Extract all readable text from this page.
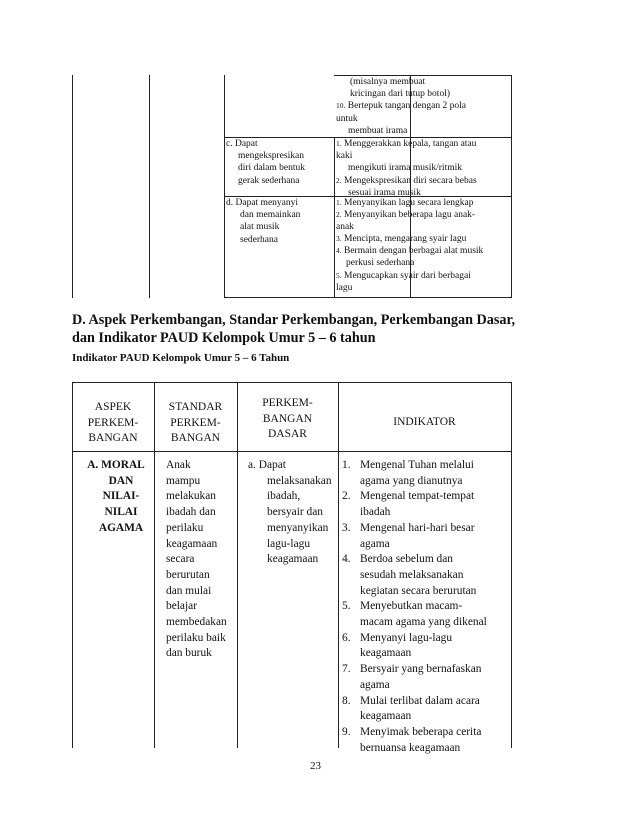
(misalnya membuat

kricingan dari tutup botol)

10. Bertepuk tangan dengan 2 pola

untuk

membuat irama

c. Dapat

mengekspresikan

diri dalam bentuk

gerak sederhana

1. Menggerakkan kepala, tangan atau

kaki

mengikuti irama musik/ritmik

2. Mengekspresikan diri secara bebas

sesuai irama musik

d. Dapat menyanyi

dan memainkan

alat musik

sederhana

1. Menyanyikan lagu secara lengkap

2. Menyanyikan beberapa lagu anak-

anak

3. Mencipta, mengarang syair lagu

4. Bermain dengan berbagai alat musik

perkusi sederhana

5. Mengucapkan syair dari berbagai

lagu

D. Aspek Perkembangan, Standar Perkembangan, Perkembangan Dasar,

dan Indikator PAUD Kelompok Umur 5 – 6 tahun

Indikator PAUD Kelompok Umur 5 – 6 Tahun

ASPEK

PERKEM-

BANGAN

STANDAR

PERKEM-

BANGAN

PERKEM-

BANGAN

DASAR

INDIKATOR

A. MORAL

DAN

NILAI-

NILAI

AGAMA

Anak

mampu

melakukan

ibadah dan

perilaku

keagamaan

secara

berurutan

dan mulai

belajar

membedakan

perilaku baik

dan buruk

a. Dapat

melaksanakan

ibadah,

bersyair dan

menyanyikan

lagu-lagu

keagamaan

1. Mengenal Tuhan melalui

agama yang dianutnya

2. Mengenal tempat-tempat

ibadah

3. Mengenal hari-hari besar

agama

4. Berdoa sebelum dan

sesudah melaksanakan

kegiatan secara berurutan

5. Menyebutkan macam-

macam agama yang dikenal

6. Menyanyi lagu-lagu

keagamaan

7. Bersyair yang bernafaskan

agama

8. Mulai terlibat dalam acara

keagamaan

9. Menyimak beberapa cerita

bernuansa keagamaan

23
